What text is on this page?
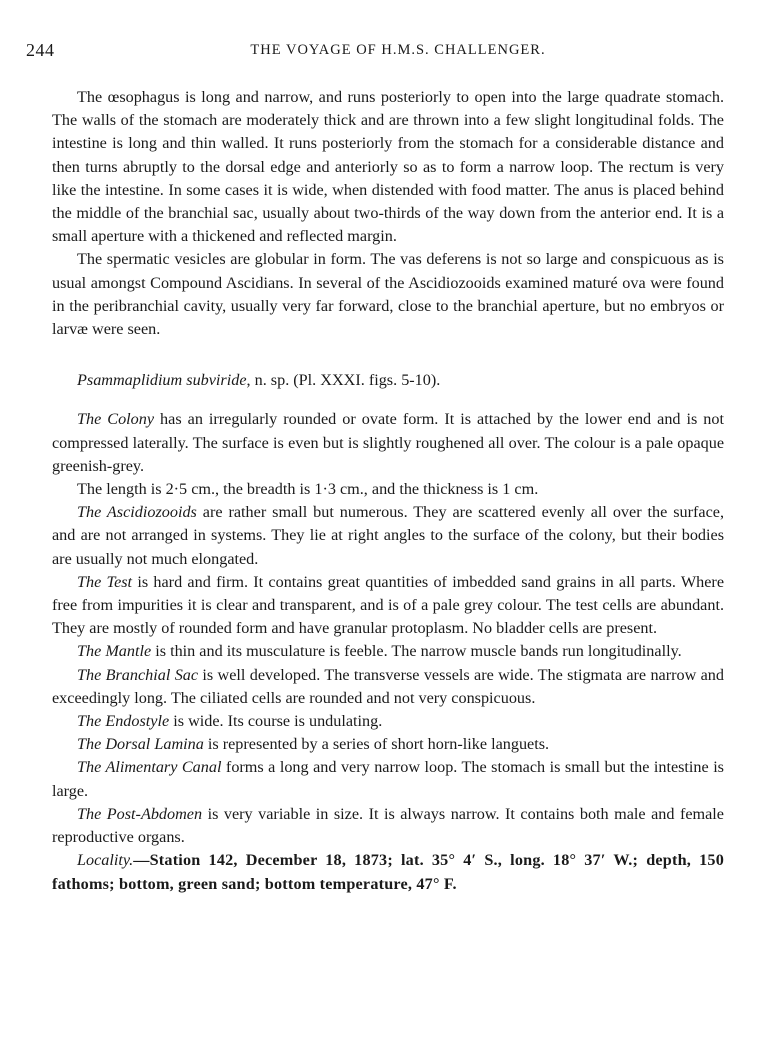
244	THE VOYAGE OF H.M.S. CHALLENGER.

The œsophagus is long and narrow, and runs posteriorly to open into the large quadrate stomach. The walls of the stomach are moderately thick and are thrown into a few slight longitudinal folds. The intestine is long and thin walled. It runs posteriorly from the stomach for a considerable distance and then turns abruptly to the dorsal edge and anteriorly so as to form a narrow loop. The rectum is very like the intestine. In some cases it is wide, when distended with food matter. The anus is placed behind the middle of the branchial sac, usually about two-thirds of the way down from the anterior end. It is a small aperture with a thickened and reflected margin.

The spermatic vesicles are globular in form. The vas deferens is not so large and conspicuous as is usual amongst Compound Ascidians. In several of the Ascidiozooids examined maturé ova were found in the peribranchial cavity, usually very far forward, close to the branchial aperture, but no embryos or larvæ were seen.

Psammaplidium subviride, n. sp. (Pl. XXXI. figs. 5-10).

The Colony has an irregularly rounded or ovate form. It is attached by the lower end and is not compressed laterally. The surface is even but is slightly roughened all over. The colour is a pale opaque greenish-grey.

The length is 2·5 cm., the breadth is 1·3 cm., and the thickness is 1 cm.

The Ascidiozooids are rather small but numerous. They are scattered evenly all over the surface, and are not arranged in systems. They lie at right angles to the surface of the colony, but their bodies are usually not much elongated.

The Test is hard and firm. It contains great quantities of imbedded sand grains in all parts. Where free from impurities it is clear and transparent, and is of a pale grey colour. The test cells are abundant. They are mostly of rounded form and have granular protoplasm. No bladder cells are present.

The Mantle is thin and its musculature is feeble. The narrow muscle bands run longitudinally.

The Branchial Sac is well developed. The transverse vessels are wide. The stigmata are narrow and exceedingly long. The ciliated cells are rounded and not very conspicuous.

The Endostyle is wide. Its course is undulating.

The Dorsal Lamina is represented by a series of short horn-like languets.

The Alimentary Canal forms a long and very narrow loop. The stomach is small but the intestine is large.

The Post-Abdomen is very variable in size. It is always narrow. It contains both male and female reproductive organs.

Locality.—Station 142, December 18, 1873; lat. 35° 4′ S., long. 18° 37′ W.; depth, 150 fathoms; bottom, green sand; bottom temperature, 47° F.
